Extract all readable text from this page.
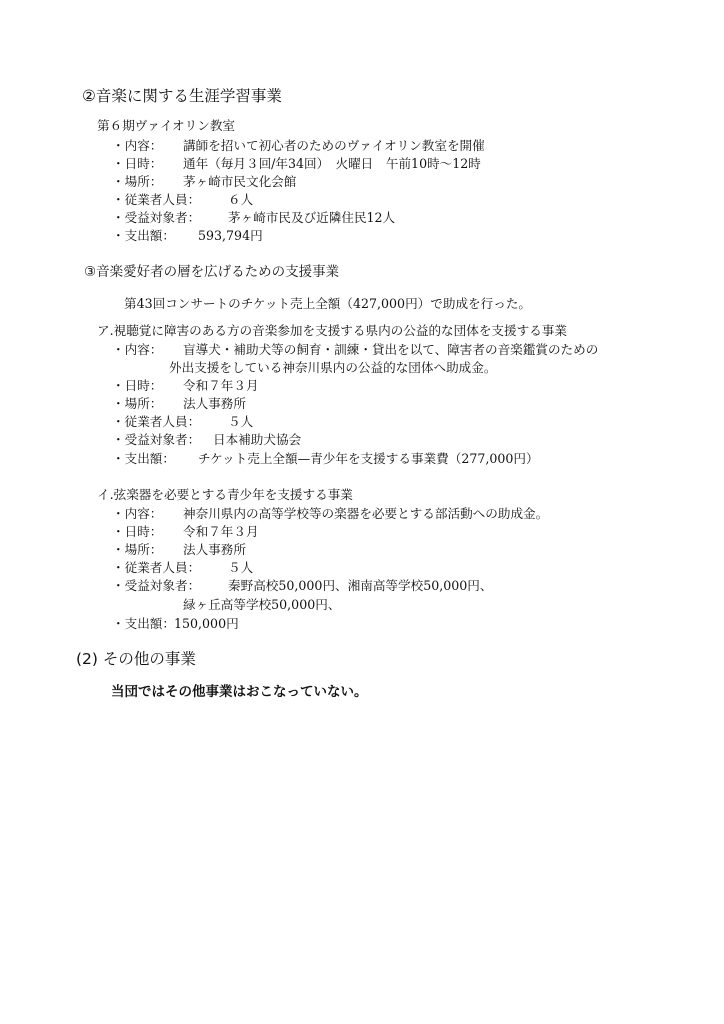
②音楽に関する生涯学習事業
第６期ヴァイオリン教室
・内容： 講師を招いて初心者のためのヴァイオリン教室を開催
・日時： 通年（毎月３回/年34回）　火曜日　午前10時～12時
・場所： 茅ヶ崎市民文化会館
・従業者人員： ６人
・受益対象者： 茅ヶ崎市民及び近隣住民12人
・支出額： 593,794円
③音楽愛好者の層を広げるための支援事業
第43回コンサートのチケット売上全額（427,000円）で助成を行った。
ア.視聴覚に障害のある方の音楽参加を支援する県内の公益的な団体を支援する事業
・内容： 盲導犬・補助犬等の飼育・訓練・貸出を以て、障害者の音楽鑑賞のための
外出支援をしている神奈川県内の公益的な団体へ助成金。
・日時： 令和７年３月
・場所： 法人事務所
・従業者人員： ５人
・受益対象者： 日本補助犬協会
・支出額： チケット売上全額—青少年を支援する事業費（277,000円）
イ.弦楽器を必要とする青少年を支援する事業
・内容： 神奈川県内の高等学校等の楽器を必要とする部活動への助成金。
・日時： 令和７年３月
・場所： 法人事務所
・従業者人員： ５人
・受益対象者： 秦野高校50,000円、湘南高等学校50,000円、
緑ヶ丘高等学校50,000円、
・支出額：150,000円
(2) その他の事業
当団ではその他事業はおこなっていない。
